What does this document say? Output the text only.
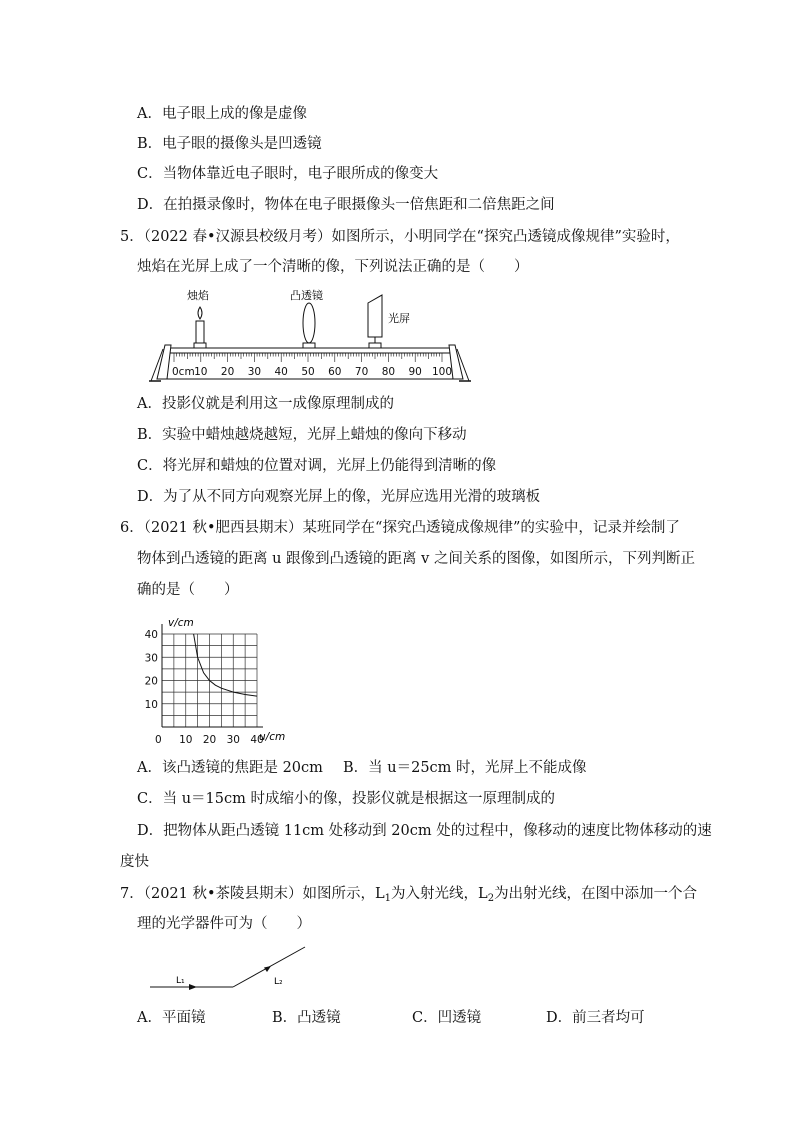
A．电子眼上成的像是虚像
B．电子眼的摄像头是凹透镜
C．当物体靠近电子眼时，电子眼所成的像变大
D．在拍摄录像时，物体在电子眼摄像头一倍焦距和二倍焦距之间
5．（2022 春•汉源县校级月考）如图所示，小明同学在“探究凸透镜成像规律”实验时，
烛焰在光屏上成了一个清晰的像，下列说法正确的是（　　）
烛焰	凸透镜
光屏
0cm 10 20 30 40 50 60 70 80 90 100
A．投影仪就是利用这一成像原理制成的
B．实验中蜡烛越烧越短，光屏上蜡烛的像向下移动
C．将光屏和蜡烛的位置对调，光屏上仍能得到清晰的像
D．为了从不同方向观察光屏上的像，光屏应选用光滑的玻璃板
6．（2021 秋•肥西县期末）某班同学在“探究凸透镜成像规律”的实验中，记录并绘制了
物体到凸透镜的距离 u 跟像到凸透镜的距离 v 之间关系的图像，如图所示，下列判断正
确的是（　　）
0 10 20 30 40
10
20
30
40
u/cm
v/cm
A．该凸透镜的焦距是 20cm B．当 u＝25cm 时，光屏上不能成像
C．当 u＝15cm 时成缩小的像，投影仪就是根据这一原理制成的
D．把物体从距凸透镜 11cm 处移动到 20cm 处的过程中，像移动的速度比物体移动的速
度快
7．（2021 秋•茶陵县期末）如图所示，$L_1$为入射光线，$L_2$为出射光线，在图中添加一个合
理的光学器件可为（　　）
L₁	L₂
A．平面镜	B．凸透镜	C．凹透镜	D．前三者均可
